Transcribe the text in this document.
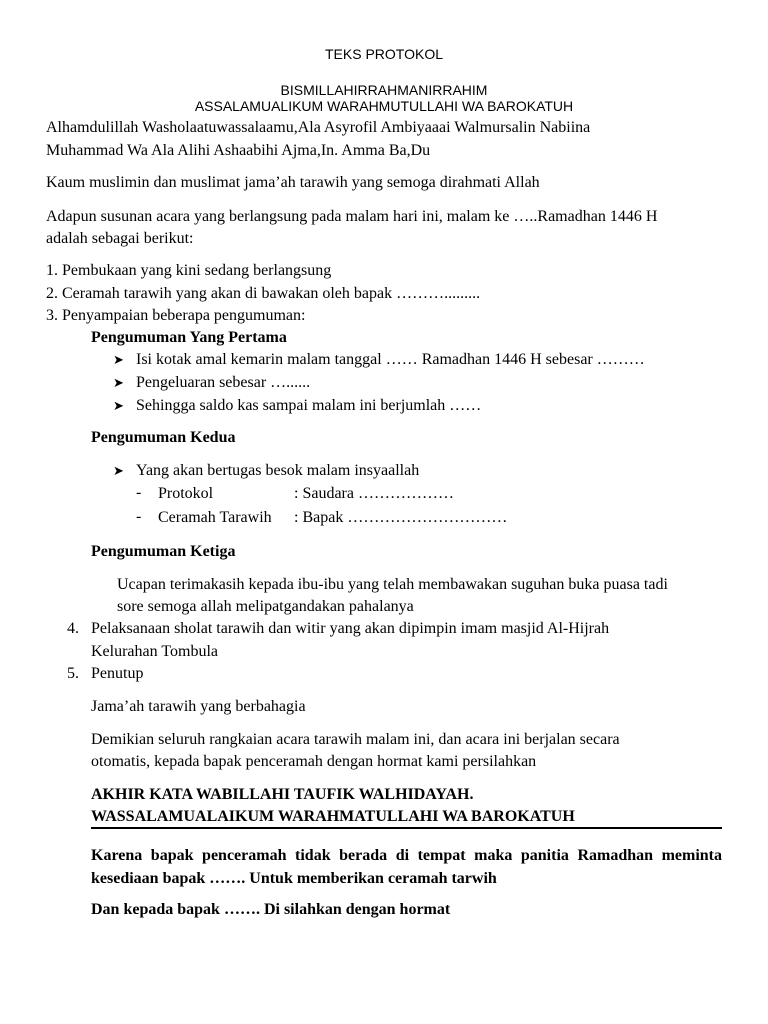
TEKS PROTOKOL
BISMILLAHIRRAHMANIRRAHIM
ASSALAMUALIKUM WARAHMUTULLAHI WA BAROKATUH
Alhamdulillah Washolaatuwassalaamu,Ala Asyrofil Ambiyaaai Walmursalin Nabiina
Muhammad Wa Ala Alihi Ashaabihi Ajma,In. Amma Ba,Du
Kaum muslimin dan muslimat jama’ah tarawih yang semoga dirahmati Allah
Adapun susunan acara yang berlangsung pada malam hari ini, malam ke …..Ramadhan 1446 H
adalah sebagai berikut:
1. Pembukaan yang kini sedang berlangsung
2. Ceramah tarawih yang akan di bawakan oleh bapak ……….........
3. Penyampaian beberapa pengumuman:
Pengumuman Yang Pertama
➤ Isi kotak amal kemarin malam tanggal …… Ramadhan 1446 H sebesar ………
➤ Pengeluaran sebesar …......
➤ Sehingga saldo kas sampai malam ini berjumlah ……
Pengumuman Kedua
➤ Yang akan bertugas besok malam insyaallah
- Protokol	: Saudara ………………
- Ceramah Tarawih : Bapak …………………………
Pengumuman Ketiga
Ucapan terimakasih kepada ibu-ibu yang telah membawakan suguhan buka puasa tadi
sore semoga allah melipatgandakan pahalanya
4. Pelaksanaan sholat tarawih dan witir yang akan dipimpin imam masjid Al-Hijrah
Kelurahan Tombula
5. Penutup
Jama’ah tarawih yang berbahagia
Demikian seluruh rangkaian acara tarawih malam ini, dan acara ini berjalan secara
otomatis, kepada bapak penceramah dengan hormat kami persilahkan
AKHIR KATA WABILLAHI TAUFIK WALHIDAYAH.
WASSALAMUALAIKUM WARAHMATULLAHI WA BAROKATUH
Karena bapak penceramah tidak berada di tempat maka panitia Ramadhan meminta kesediaan bapak ……. Untuk memberikan ceramah tarwih
Dan kepada bapak ……. Di silahkan dengan hormat
